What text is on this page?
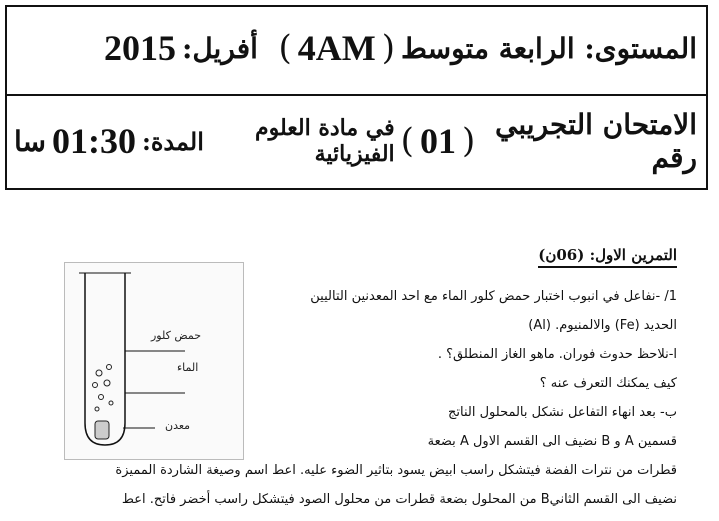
المستوى: الرابعة متوسط
(
4AM
)
أفريل:
2015
الامتحان التجريبي رقم
(
01
)
في مادة العلوم الفيزيائية
المدة:
01:30
سا
التمرين الاول: (06ن)
1/ -نفاعل في انبوب اختبار حمض كلور الماء مع احد المعدنين التاليين
الحديد (Fe) والالمنيوم. (Al)
ا-نلاحظ حدوث فوران. ماهو الغاز المنطلق؟ .
كيف يمكنك التعرف عنه ؟
ب- بعد انهاء التفاعل نشكل بالمحلول الناتج
قسمين A و B نضيف الى القسم الاول A بضعة
قطرات من نترات الفضة فيتشكل راسب ابيض يسود بتاثير الضوء عليه. اعط اسم وصيغة الشاردة المميزة
نضيف الى القسم الثانيB من المحلول بضعة قطرات من محلول الصود فيتشكل راسب أخضر فاتح. اعط
حمض كلور
الماء
معدن
